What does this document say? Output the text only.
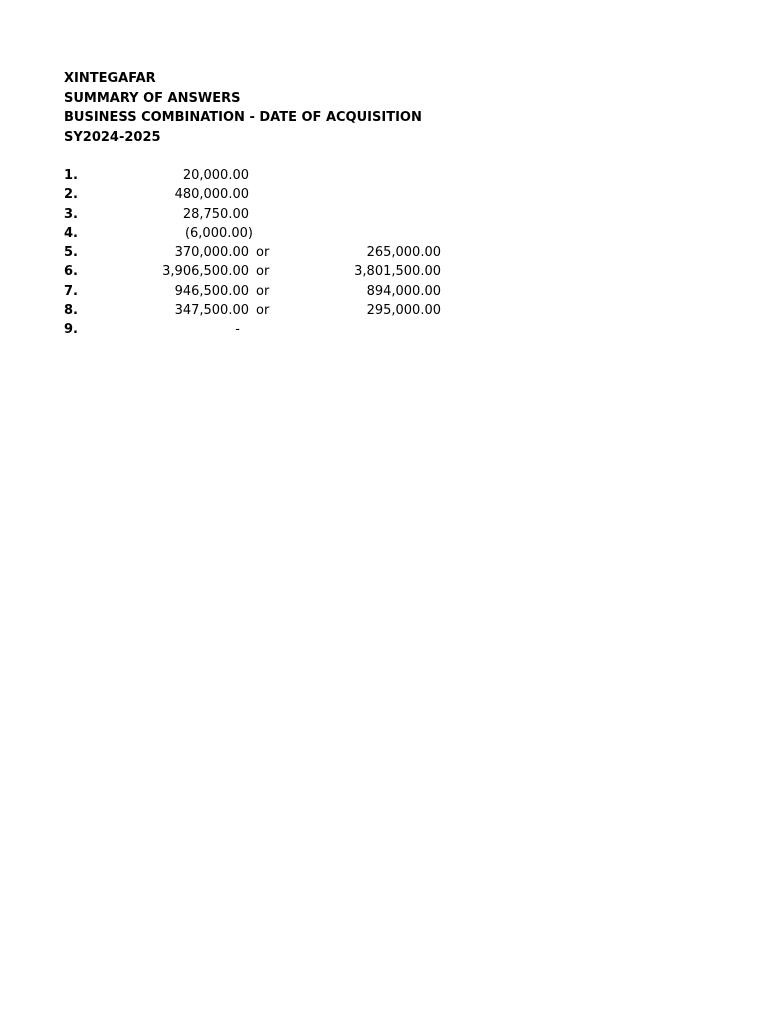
XINTEGAFAR
SUMMARY OF ANSWERS
BUSINESS COMBINATION - DATE OF ACQUISITION
SY2024-2025
1.	20,000.00
2.	480,000.00
3.	28,750.00
4.	(6,000.00)
5.	370,000.00 or	265,000.00
6.	3,906,500.00 or	3,801,500.00
7.	946,500.00 or	894,000.00
8.	347,500.00 or	295,000.00
9.	-
